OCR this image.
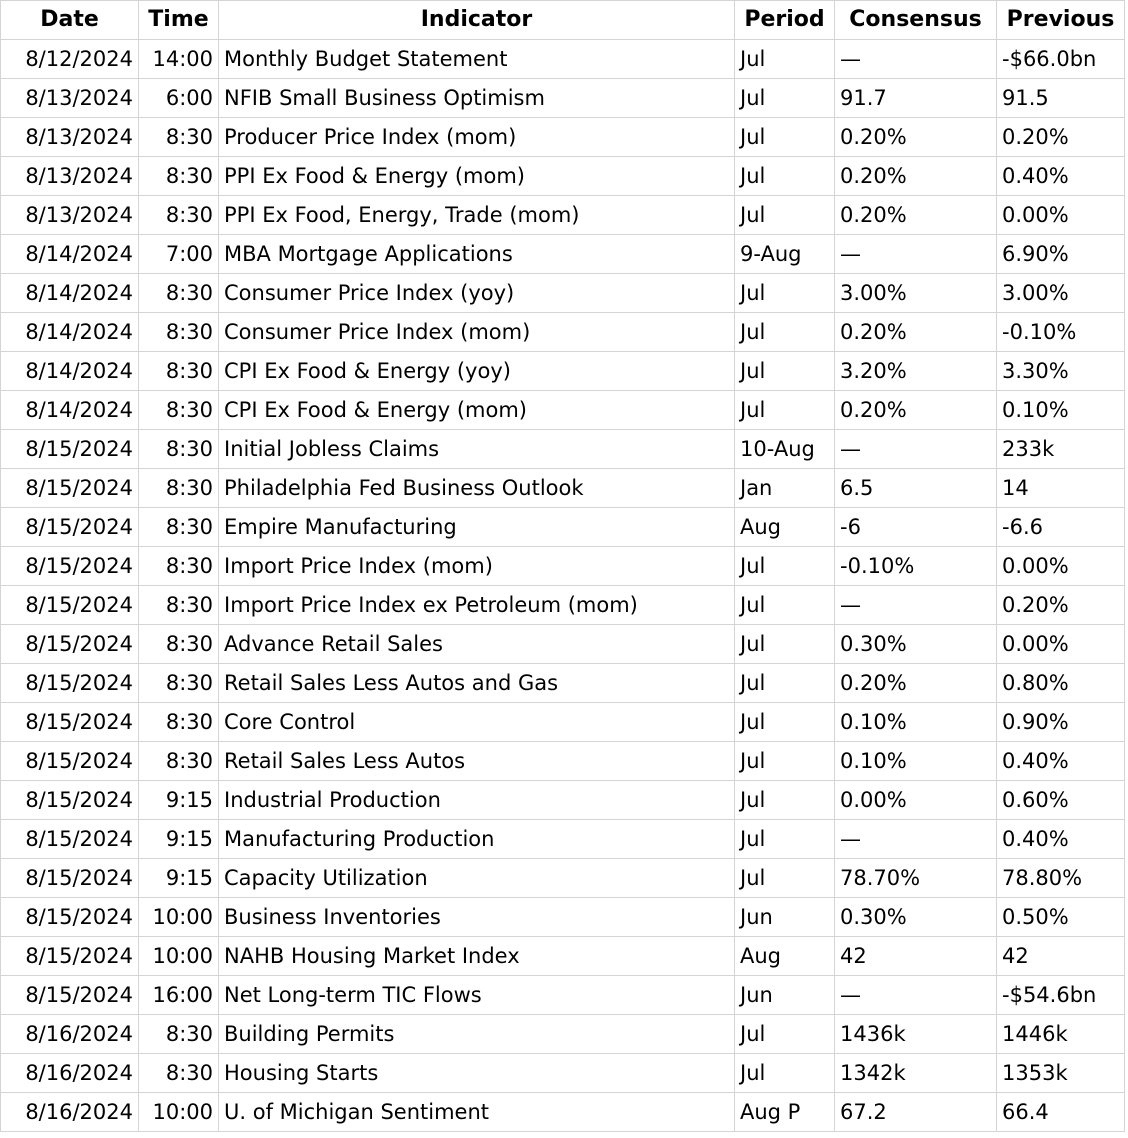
Date	Time	Indicator	Period	Consensus	Previous
8/12/2024	14:00	Monthly Budget Statement	Jul	—	-$66.0bn
8/13/2024	6:00	NFIB Small Business Optimism	Jul	91.7	91.5
8/13/2024	8:30	Producer Price Index (mom)	Jul	0.20%	0.20%
8/13/2024	8:30	PPI Ex Food & Energy (mom)	Jul	0.20%	0.40%
8/13/2024	8:30	PPI Ex Food, Energy, Trade (mom)	Jul	0.20%	0.00%
8/14/2024	7:00	MBA Mortgage Applications	9-Aug	—	6.90%
8/14/2024	8:30	Consumer Price Index (yoy)	Jul	3.00%	3.00%
8/14/2024	8:30	Consumer Price Index (mom)	Jul	0.20%	-0.10%
8/14/2024	8:30	CPI Ex Food & Energy (yoy)	Jul	3.20%	3.30%
8/14/2024	8:30	CPI Ex Food & Energy (mom)	Jul	0.20%	0.10%
8/15/2024	8:30	Initial Jobless Claims	10-Aug	—	233k
8/15/2024	8:30	Philadelphia Fed Business Outlook	Jan	6.5	14
8/15/2024	8:30	Empire Manufacturing	Aug	-6	-6.6
8/15/2024	8:30	Import Price Index (mom)	Jul	-0.10%	0.00%
8/15/2024	8:30	Import Price Index ex Petroleum (mom)	Jul	—	0.20%
8/15/2024	8:30	Advance Retail Sales	Jul	0.30%	0.00%
8/15/2024	8:30	Retail Sales Less Autos and Gas	Jul	0.20%	0.80%
8/15/2024	8:30	Core Control	Jul	0.10%	0.90%
8/15/2024	8:30	Retail Sales Less Autos	Jul	0.10%	0.40%
8/15/2024	9:15	Industrial Production	Jul	0.00%	0.60%
8/15/2024	9:15	Manufacturing Production	Jul	—	0.40%
8/15/2024	9:15	Capacity Utilization	Jul	78.70%	78.80%
8/15/2024	10:00	Business Inventories	Jun	0.30%	0.50%
8/15/2024	10:00	NAHB Housing Market Index	Aug	42	42
8/15/2024	16:00	Net Long-term TIC Flows	Jun	—	-$54.6bn
8/16/2024	8:30	Building Permits	Jul	1436k	1446k
8/16/2024	8:30	Housing Starts	Jul	1342k	1353k
8/16/2024	10:00	U. of Michigan Sentiment	Aug P	67.2	66.4
